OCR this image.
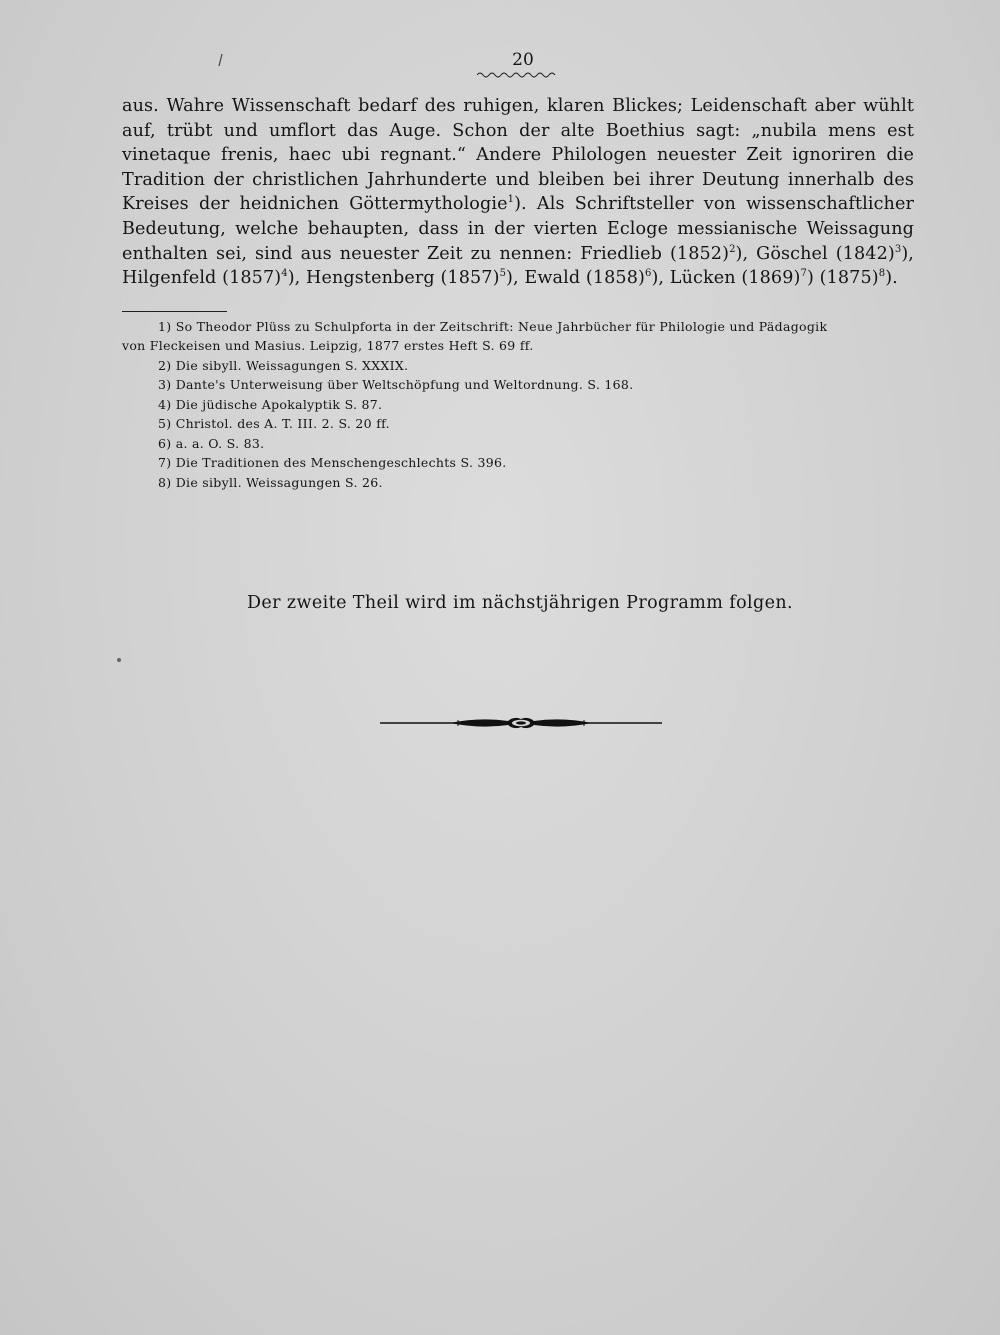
20
aus. Wahre Wissenschaft bedarf des ruhigen, klaren Blickes; Leidenschaft aber wühlt auf, trübt und umflort das Auge. Schon der alte Boethius sagt: „nubila mens est vinetaque frenis, haec ubi regnant.“ Andere Philologen neuester Zeit ignoriren die Tradition der christlichen Jahrhunderte und bleiben bei ihrer Deutung innerhalb des Kreises der heidnichen Göttermythologie$^1$). Als Schriftsteller von wissenschaftlicher Bedeutung, welche behaupten, dass in der vierten Ecloge messianische Weissagung enthalten sei, sind aus neuester Zeit zu nennen: Friedlieb $(1852)^2$), Göschel $(1842)^3$), Hilgenfeld $(1857)^4$), Hengstenberg $(1857)^5$), Ewald $(1858)^6$), Lücken $(1869)^7$) $(1875)^8$).
1) So Theodor Plüss zu Schulpforta in der Zeitschrift: Neue Jahrbücher für Philologie und Pädagogik
von Fleckeisen und Masius. Leipzig, 1877 erstes Heft S. 69 ff.
2) Die sibyll. Weissagungen S. XXXIX.
3) Dante's Unterweisung über Weltschöpfung und Weltordnung. S. 168.
4) Die jüdische Apokalyptik S. 87.
5) Christol. des A. T. III. 2. S. 20 ff.
6) a. a. O. S. 83.
7) Die Traditionen des Menschengeschlechts S. 396.
8) Die sibyll. Weissagungen S. 26.
Der zweite Theil wird im nächstjährigen Programm folgen.
